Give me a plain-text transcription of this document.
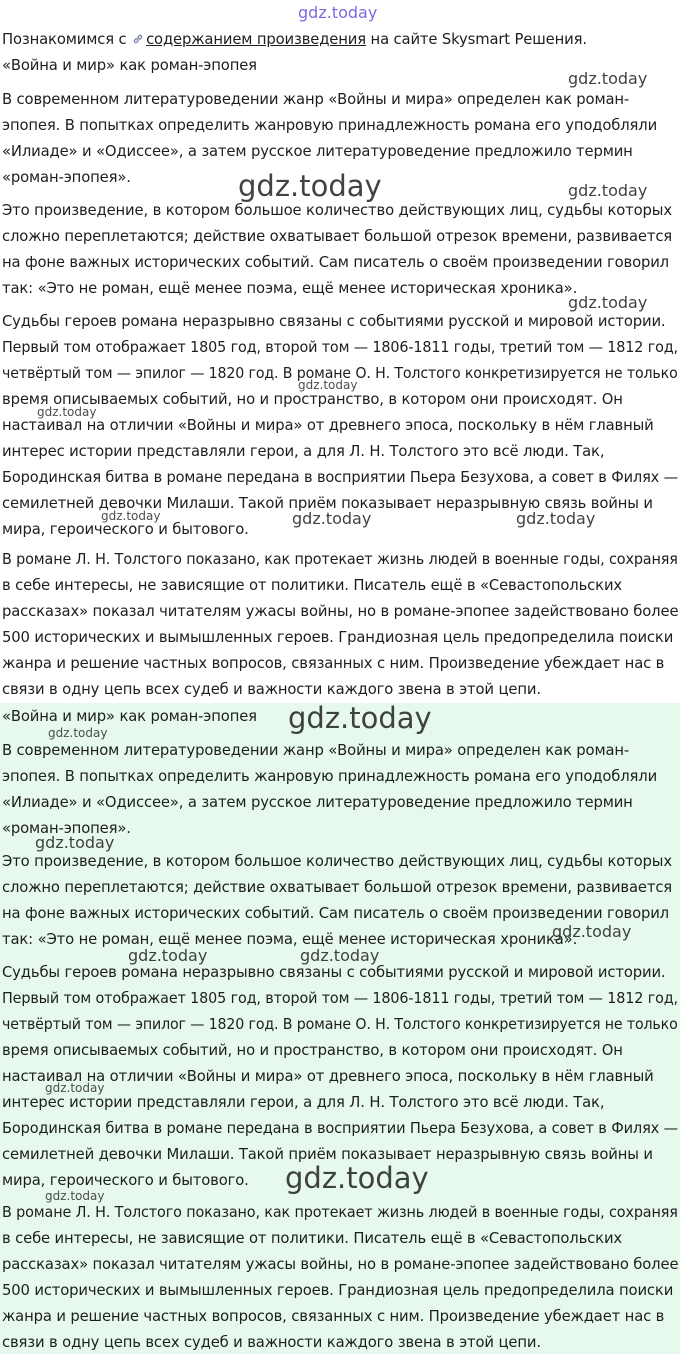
Познакомимся с содержанием произведения на сайте Skysmart Решения.
«Война и мир» как роман-эпопея
В современном литературоведении жанр «Войны и мира» определен как роман-
эпопея. В попытках определить жанровую принадлежность романа его уподобляли
«Илиаде» и «Одиссее», а затем русское литературоведение предложило термин
«роман-эпопея».
Это произведение, в котором большое количество действующих лиц, судьбы которых
сложно переплетаются; действие охватывает большой отрезок времени, развивается
на фоне важных исторических событий. Сам писатель о своём произведении говорил
так: «Это не роман, ещё менее поэма, ещё менее историческая хроника».
Судьбы героев романа неразрывно связаны с событиями русской и мировой истории.
Первый том отображает 1805 год, второй том — 1806-1811 годы, третий том — 1812 год,
четвёртый том — эпилог — 1820 год. В романе О. Н. Толстого конкретизируется не только
время описываемых событий, но и пространство, в котором они происходят. Он
настаивал на отличии «Войны и мира» от древнего эпоса, поскольку в нём главный
интерес истории представляли герои, а для Л. Н. Толстого это всё люди. Так,
Бородинская битва в романе передана в восприятии Пьера Безухова, а совет в Филях —
семилетней девочки Милаши. Такой приём показывает неразрывную связь войны и
мира, героического и бытового.
В романе Л. Н. Толстого показано, как протекает жизнь людей в военные годы, сохраняя
в себе интересы, не зависящие от политики. Писатель ещё в «Севастопольских
рассказах» показал читателям ужасы войны, но в романе-эпопее задействовано более
500 исторических и вымышленных героев. Грандиозная цель предопределила поиски
жанра и решение частных вопросов, связанных с ним. Произведение убеждает нас в
связи в одну цепь всех судеб и важности каждого звена в этой цепи.
«Война и мир» как роман-эпопея
В современном литературоведении жанр «Войны и мира» определен как роман-
эпопея. В попытках определить жанровую принадлежность романа его уподобляли
«Илиаде» и «Одиссее», а затем русское литературоведение предложило термин
«роман-эпопея».
Это произведение, в котором большое количество действующих лиц, судьбы которых
сложно переплетаются; действие охватывает большой отрезок времени, развивается
на фоне важных исторических событий. Сам писатель о своём произведении говорил
так: «Это не роман, ещё менее поэма, ещё менее историческая хроника».
Судьбы героев романа неразрывно связаны с событиями русской и мировой истории.
Первый том отображает 1805 год, второй том — 1806-1811 годы, третий том — 1812 год,
четвёртый том — эпилог — 1820 год. В романе О. Н. Толстого конкретизируется не только
время описываемых событий, но и пространство, в котором они происходят. Он
настаивал на отличии «Войны и мира» от древнего эпоса, поскольку в нём главный
интерес истории представляли герои, а для Л. Н. Толстого это всё люди. Так,
Бородинская битва в романе передана в восприятии Пьера Безухова, а совет в Филях —
семилетней девочки Милаши. Такой приём показывает неразрывную связь войны и
мира, героического и бытового.
В романе Л. Н. Толстого показано, как протекает жизнь людей в военные годы, сохраняя
в себе интересы, не зависящие от политики. Писатель ещё в «Севастопольских
рассказах» показал читателям ужасы войны, но в романе-эпопее задействовано более
500 исторических и вымышленных героев. Грандиозная цель предопределила поиски
жанра и решение частных вопросов, связанных с ним. Произведение убеждает нас в
связи в одну цепь всех судеб и важности каждого звена в этой цепи.
gdz.today
gdz.today
gdz.today	gdz.today
gdz.today
gdz.today
gdz.today
gdz.today	gdz.today	gdz.today
gdz.today
gdz.today
gdz.today
gdz.today
gdz.today	gdz.today
gdz.today
gdz.today
gdz.today
